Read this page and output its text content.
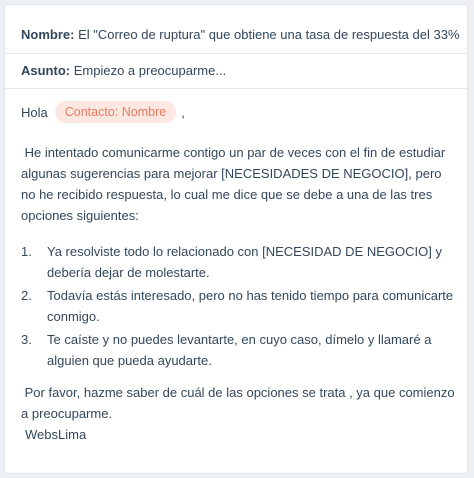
Nombre: El "Correo de ruptura" que obtiene una tasa de respuesta del 33%
Asunto: Empiezo a preocuparme...
Hola	Contacto: Nombre	,

He intentado comunicarme contigo un par de veces con el fin de estudiar algunas sugerencias para mejorar [NECESIDADES DE NEGOCIO], pero no he recibido respuesta, lo cual me dice que se debe a una de las tres opciones siguientes:

1.	Ya resolviste todo lo relacionado con [NECESIDAD DE NEGOCIO] y debería dejar de molestarte.
2.	Todavía estás interesado, pero no has tenido tiempo para comunicarte conmigo.
3.	Te caíste y no puedes levantarte, en cuyo caso, dímelo y llamaré a alguien que pueda ayudarte.

Por favor, hazme saber de cuál de las opciones se trata , ya que comienzo a preocuparme.

WebsLima
